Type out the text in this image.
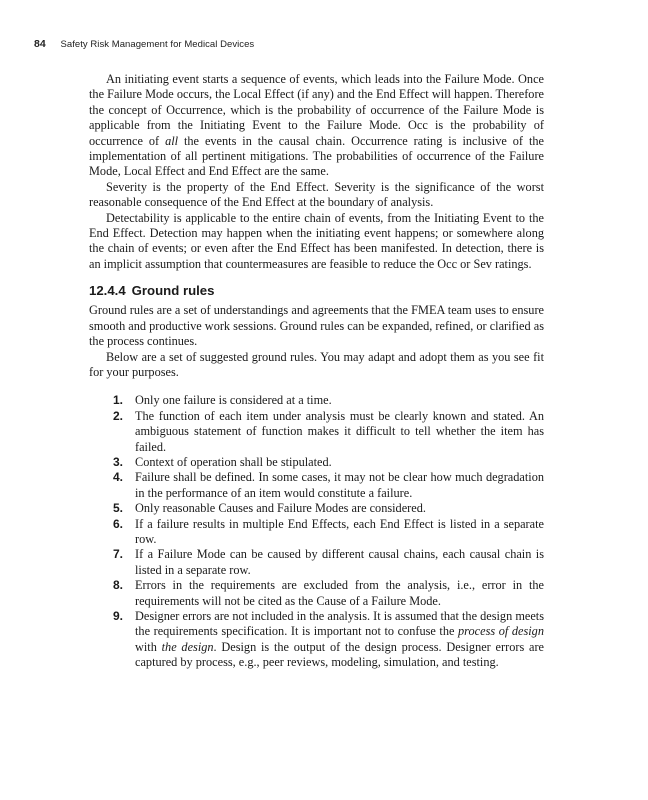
84 Safety Risk Management for Medical Devices

An initiating event starts a sequence of events, which leads into the Failure Mode. Once the Failure Mode occurs, the Local Effect (if any) and the End Effect will happen. Therefore the concept of Occurrence, which is the probability of occurrence of the Failure Mode is applicable from the Initiating Event to the Failure Mode. Occ is the probability of occurrence of all the events in the causal chain. Occurrence rating is inclusive of the implementation of all pertinent mitigations. The probabilities of occurrence of the Failure Mode, Local Effect and End Effect are the same.

Severity is the property of the End Effect. Severity is the significance of the worst reasonable consequence of the End Effect at the boundary of analysis.

Detectability is applicable to the entire chain of events, from the Initiating Event to the End Effect. Detection may happen when the initiating event happens; or somewhere along the chain of events; or even after the End Effect has been manifested. In detection, there is an implicit assumption that countermeasures are feasible to reduce the Occ or Sev ratings.

12.4.4 Ground rules

Ground rules are a set of understandings and agreements that the FMEA team uses to ensure smooth and productive work sessions. Ground rules can be expanded, refined, or clarified as the process continues.

Below are a set of suggested ground rules. You may adapt and adopt them as you see fit for your purposes.

1. Only one failure is considered at a time.
2. The function of each item under analysis must be clearly known and stated. An ambiguous statement of function makes it difficult to tell whether the item has failed.
3. Context of operation shall be stipulated.
4. Failure shall be defined. In some cases, it may not be clear how much degradation in the performance of an item would constitute a failure.
5. Only reasonable Causes and Failure Modes are considered.
6. If a failure results in multiple End Effects, each End Effect is listed in a separate row.
7. If a Failure Mode can be caused by different causal chains, each causal chain is listed in a separate row.
8. Errors in the requirements are excluded from the analysis, i.e., error in the requirements will not be cited as the Cause of a Failure Mode.
9. Designer errors are not included in the analysis. It is assumed that the design meets the requirements specification. It is important not to confuse the process of design with the design. Design is the output of the design process. Designer errors are captured by process, e.g., peer reviews, modeling, simulation, and testing.
